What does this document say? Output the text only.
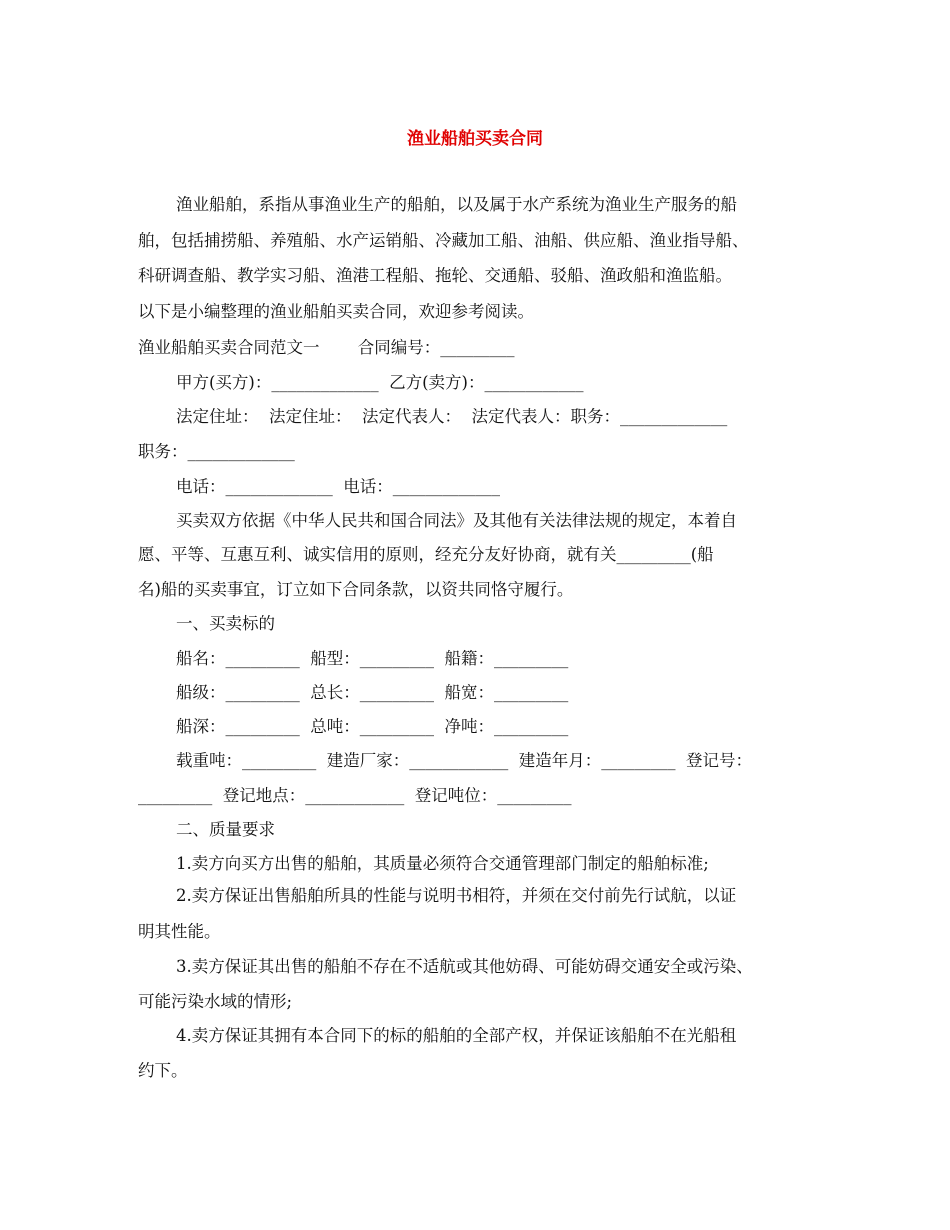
渔业船舶买卖合同

渔业船舶，系指从事渔业生产的船舶，以及属于水产系统为渔业生产服务的船

舶，包括捕捞船、养殖船、水产运销船、冷藏加工船、油船、供应船、渔业指导船、

科研调查船、教学实习船、渔港工程船、拖轮、交通船、驳船、渔政船和渔监船。

以下是小编整理的渔业船舶买卖合同，欢迎参考阅读。

渔业船舶买卖合同范文一　　 合同编号：_________

甲方(买方)：_____________  乙方(卖方)：____________

法定住址：  法定住址：  法定代表人：  法定代表人：职务：_____________

职务：_____________

电话：_____________  电话：_____________

买卖双方依据《中华人民共和国合同法》及其他有关法律法规的规定，本着自

愿、平等、互惠互利、诚实信用的原则，经充分友好协商，就有关_________(船

名)船的买卖事宜，订立如下合同条款，以资共同恪守履行。

一、买卖标的

船名：_________  船型：_________  船籍：_________

船级：_________  总长：_________  船宽：_________

船深：_________  总吨：_________  净吨：_________

载重吨：_________  建造厂家：____________  建造年月：_________  登记号：

_________  登记地点：____________  登记吨位：_________

二、质量要求

1.卖方向买方出售的船舶，其质量必须符合交通管理部门制定的船舶标准;

2.卖方保证出售船舶所具的性能与说明书相符，并须在交付前先行试航，以证

明其性能。

3.卖方保证其出售的船舶不存在不适航或其他妨碍、可能妨碍交通安全或污染、

可能污染水域的情形;

4.卖方保证其拥有本合同下的标的船舶的全部产权，并保证该船舶不在光船租

约下。
